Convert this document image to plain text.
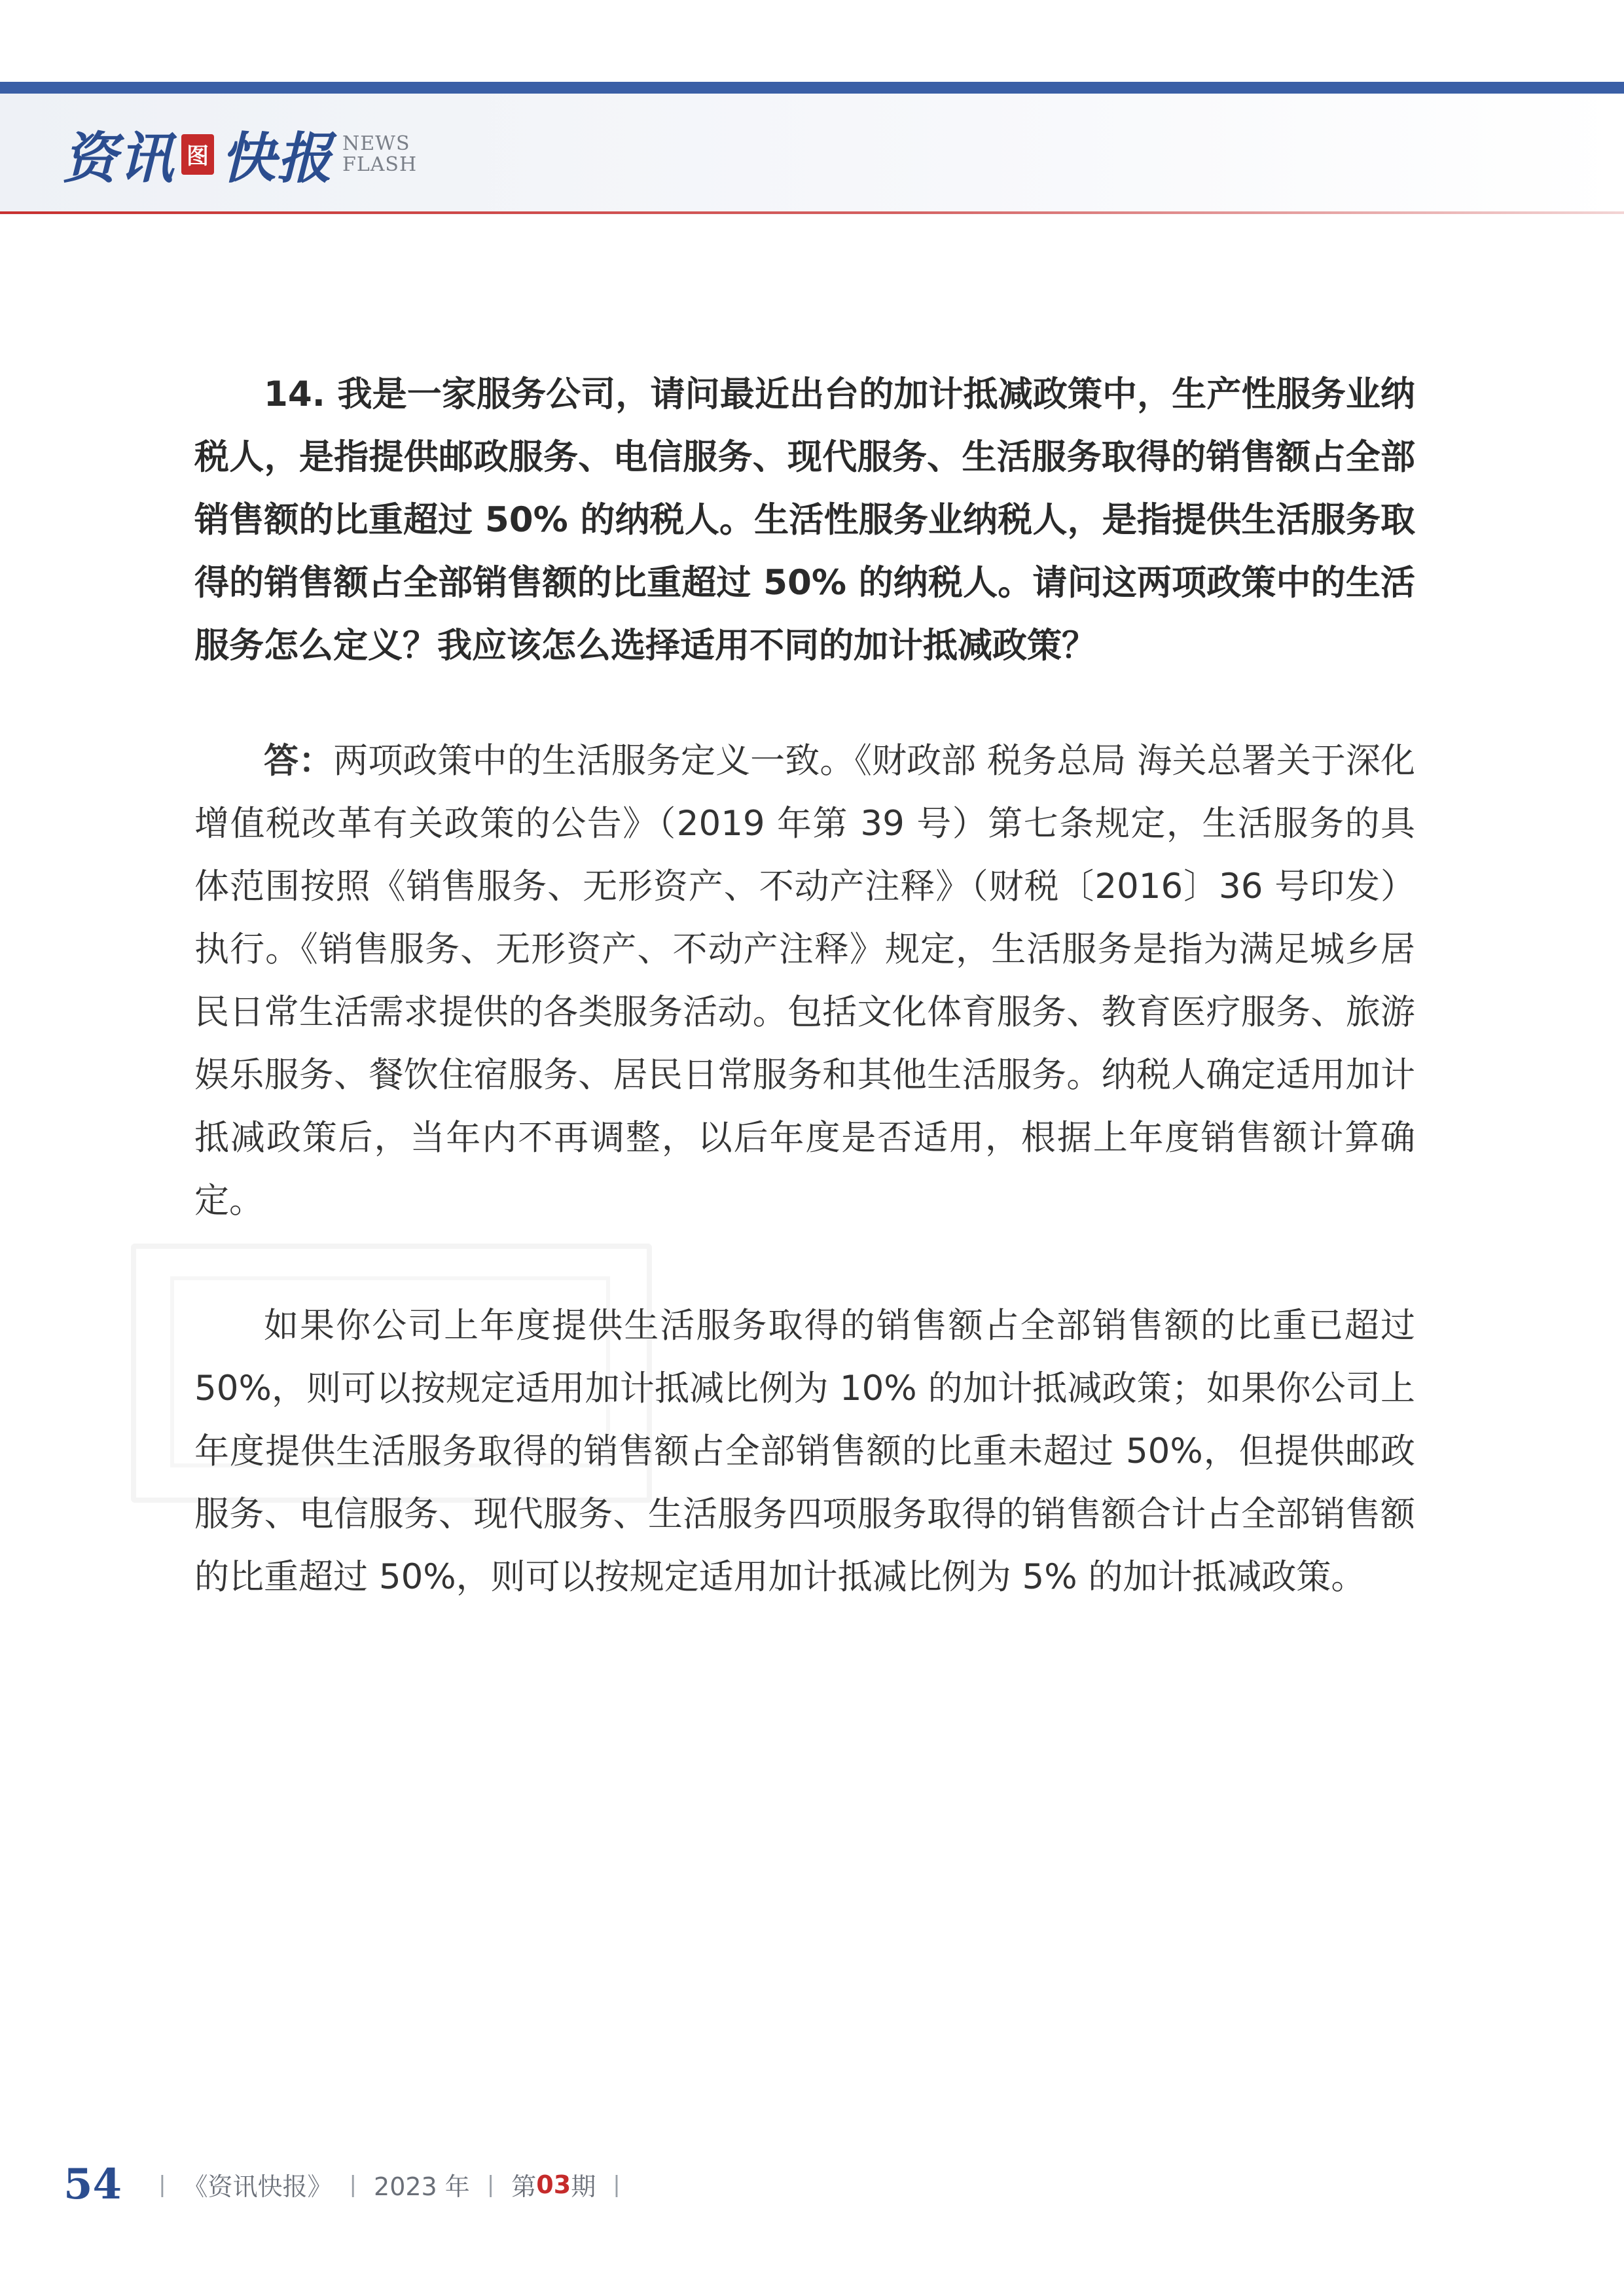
资讯 图 快报 NEWS
FLASH

14. 我是一家服务公司，请问最近出台的加计抵减政策中，生产性服务业纳税人，是指提供邮政服务、电信服务、现代服务、生活服务取得的销售额占全部销售额的比重超过 50% 的纳税人。生活性服务业纳税人，是指提供生活服务取得的销售额占全部销售额的比重超过 50% 的纳税人。请问这两项政策中的生活服务怎么定义？我应该怎么选择适用不同的加计抵减政策？

答：两项政策中的生活服务定义一致。《财政部 税务总局 海关总署关于深化增值税改革有关政策的公告》（2019 年第 39 号）第七条规定，生活服务的具体范围按照《销售服务、无形资产、不动产注释》（财税〔2016〕36 号印发）执行。《销售服务、无形资产、不动产注释》规定，生活服务是指为满足城乡居民日常生活需求提供的各类服务活动。包括文化体育服务、教育医疗服务、旅游娱乐服务、餐饮住宿服务、居民日常服务和其他生活服务。纳税人确定适用加计抵减政策后，当年内不再调整，以后年度是否适用，根据上年度销售额计算确定。

如果你公司上年度提供生活服务取得的销售额占全部销售额的比重已超过 50%，则可以按规定适用加计抵减比例为 10% 的加计抵减政策；如果你公司上年度提供生活服务取得的销售额占全部销售额的比重未超过 50%，但提供邮政服务、电信服务、现代服务、生活服务四项服务取得的销售额合计占全部销售额的比重超过 50%，则可以按规定适用加计抵减比例为 5% 的加计抵减政策。

54 | 《资讯快报》 | 2023 年 | 第 03 期 |
